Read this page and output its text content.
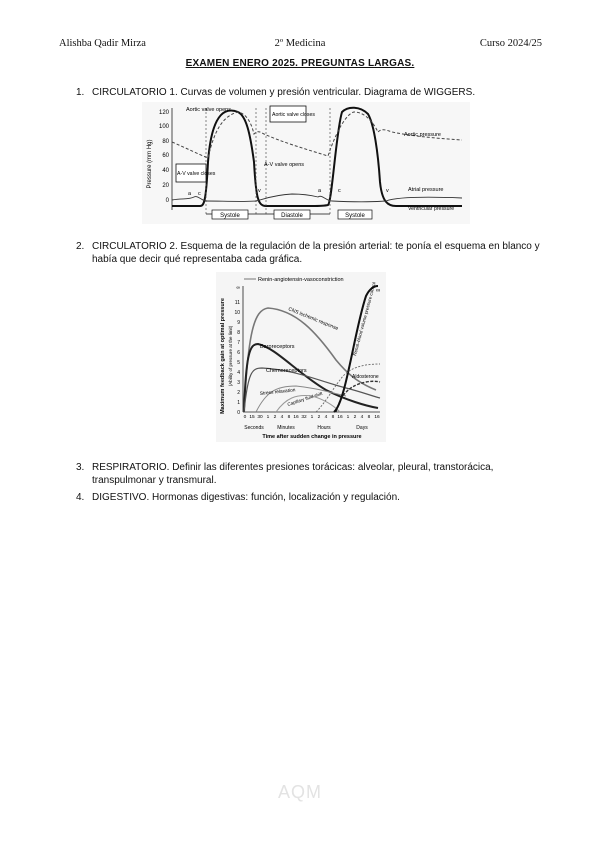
Alishba Qadir Mirza	2º Medicina	Curso 2024/25
EXAMEN ENERO 2025. PREGUNTAS LARGAS.
1. CIRCULATORIO 1. Curvas de volumen y presión ventricular. Diagrama de WIGGERS.
Pressure (mm Hg)
120
100
80
60
40
20
0
Aortic valve opens
Aortic valve closes
A-V valve closes
A-V valve opens
Aortic pressure
Atrial pressure
Ventricular pressure
a c	v	a	c	v
Systole	Diastole	Systole
2. CIRCULATORIO 2. Esquema de la regulación de la presión arterial: te ponía el esquema en blanco y había que decir qué representaba cada gráfica.
Renin-angiotensin-vasoconstriction
Maximum feedback gain at optimal pressure (Ability of pressure at the limit)
∞
11
10
9
8
7
6
5
4
3
2
1
0
CNS ischemic response
Baroreceptors
Chemoreceptors
Stress relaxation
Capillary fluid shift
Aldosterone
Renal–blood volume pressure control ∞
0 15 30 1 2 4 8 16 32 1 2 4 8 16 1 2 4 8 16
Seconds	Minutes	Hours	Days
Time after sudden change in pressure
3. RESPIRATORIO. Definir las diferentes presiones torácicas: alveolar, pleural, transtorácica, transpulmonar y transmural.
4. DIGESTIVO. Hormonas digestivas: función, localización y regulación.
AQM
